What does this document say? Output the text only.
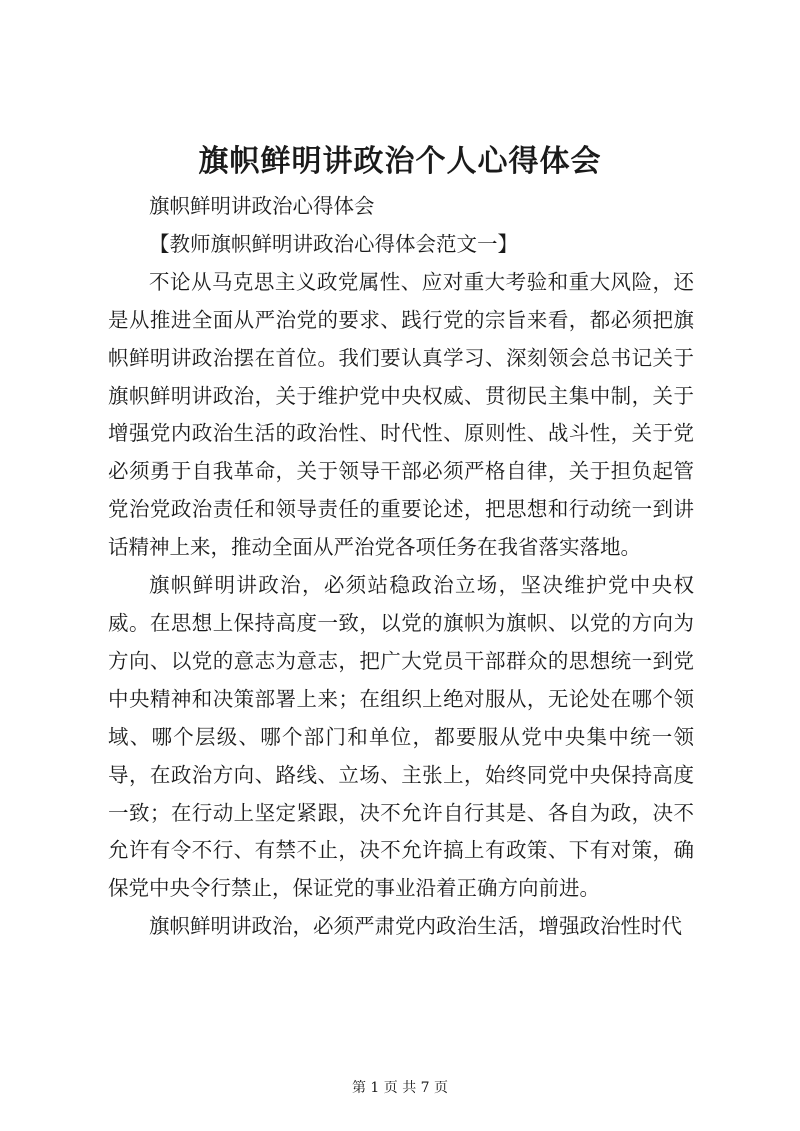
旗帜鲜明讲政治个人心得体会

旗帜鲜明讲政治心得体会

【教师旗帜鲜明讲政治心得体会范文一】

不论从马克思主义政党属性、应对重大考验和重大风险，还是从推进全面从严治党的要求、践行党的宗旨来看，都必须把旗帜鲜明讲政治摆在首位。我们要认真学习、深刻领会总书记关于旗帜鲜明讲政治，关于维护党中央权威、贯彻民主集中制，关于增强党内政治生活的政治性、时代性、原则性、战斗性，关于党必须勇于自我革命，关于领导干部必须严格自律，关于担负起管党治党政治责任和领导责任的重要论述，把思想和行动统一到讲话精神上来，推动全面从严治党各项任务在我省落实落地。

旗帜鲜明讲政治，必须站稳政治立场，坚决维护党中央权威。在思想上保持高度一致，以党的旗帜为旗帜、以党的方向为方向、以党的意志为意志，把广大党员干部群众的思想统一到党中央精神和决策部署上来；在组织上绝对服从，无论处在哪个领域、哪个层级、哪个部门和单位，都要服从党中央集中统一领导，在政治方向、路线、立场、主张上，始终同党中央保持高度一致；在行动上坚定紧跟，决不允许自行其是、各自为政，决不允许有令不行、有禁不止，决不允许搞上有政策、下有对策，确保党中央令行禁止，保证党的事业沿着正确方向前进。

旗帜鲜明讲政治，必须严肃党内政治生活，增强政治性时代

第 1 页 共 7 页
